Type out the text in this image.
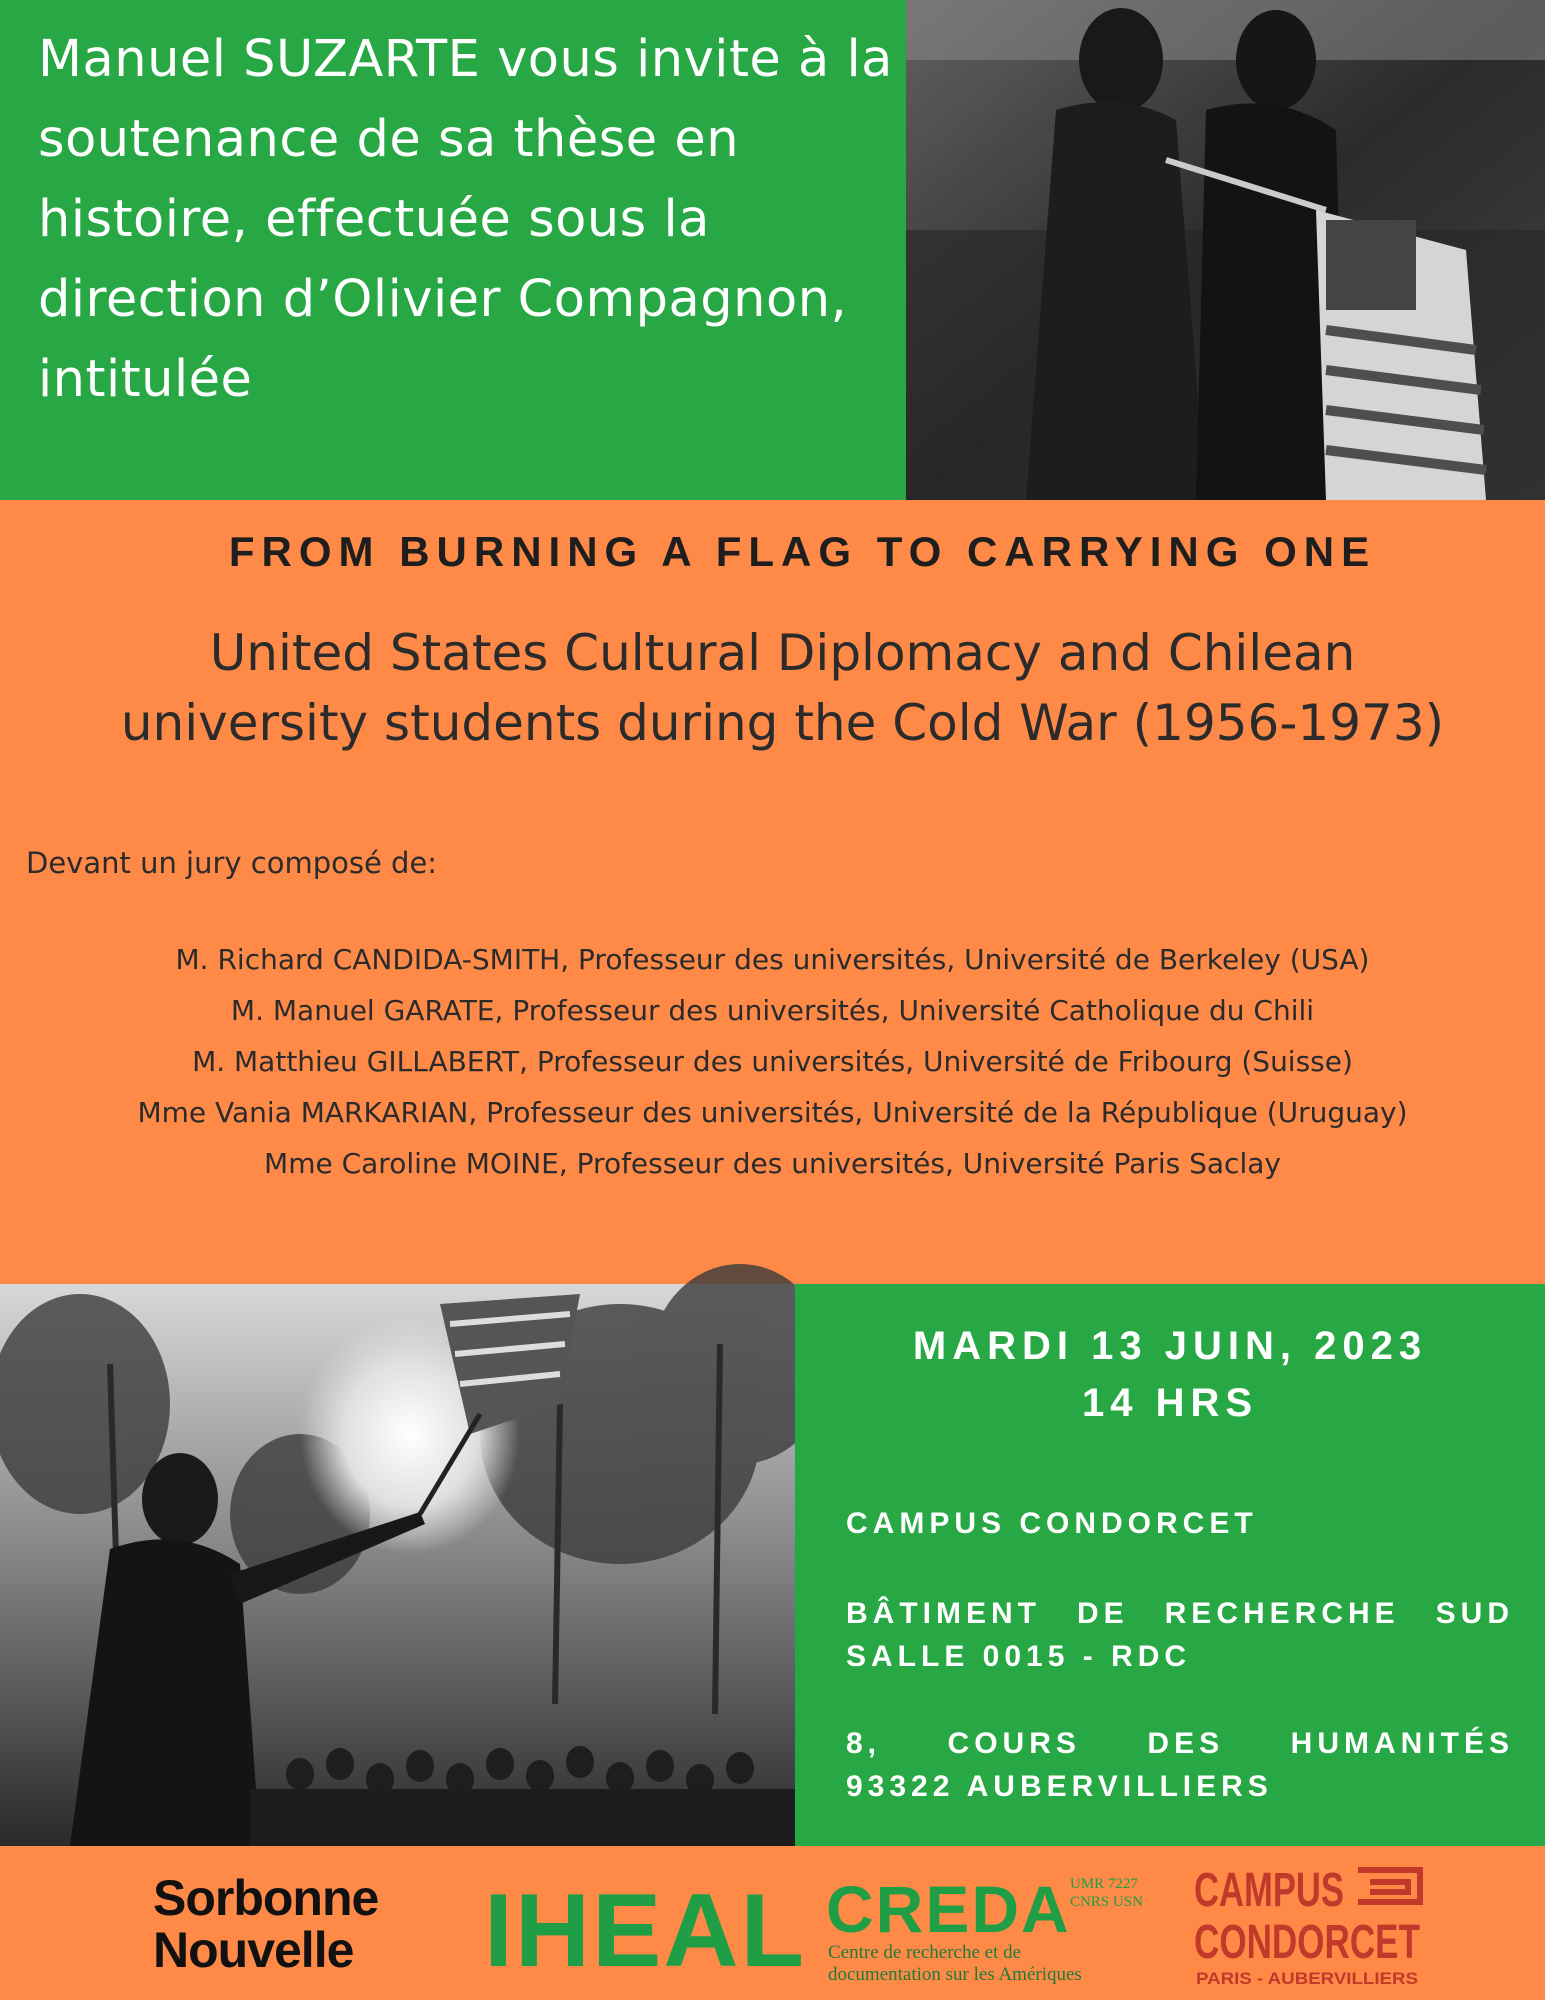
Manuel SUZARTE vous invite à la soutenance de sa thèse en histoire, effectuée sous la direction d’Olivier Compagnon, intitulée

FROM BURNING A FLAG TO CARRYING ONE
United States Cultural Diplomacy and Chilean
university students during the Cold War (1956-1973)

Devant un jury composé de:

M. Richard CANDIDA-SMITH, Professeur des universités, Université de Berkeley (USA)
M. Manuel GARATE, Professeur des universités, Université Catholique du Chili
M. Matthieu GILLABERT, Professeur des universités, Université de Fribourg (Suisse)
Mme Vania MARKARIAN, Professeur des universités, Université de la République (Uruguay)
Mme Caroline MOINE, Professeur des universités, Université Paris Saclay

MARDI 13 JUIN, 2023

14 HRS

CAMPUS CONDORCET

BÂTIMENT DE RECHERCHE SUD

SALLE 0015 - RDC

8, COURS DES HUMANITÉS

93322 AUBERVILLIERS

Sorbonne
Nouvelle	IHEAL CREDA UMR 7227
CNRS USN
Centre de recherche et de
documentation sur les Amériques
CAMPUS
CONDORCET
PARIS - AUBERVILLIERS
